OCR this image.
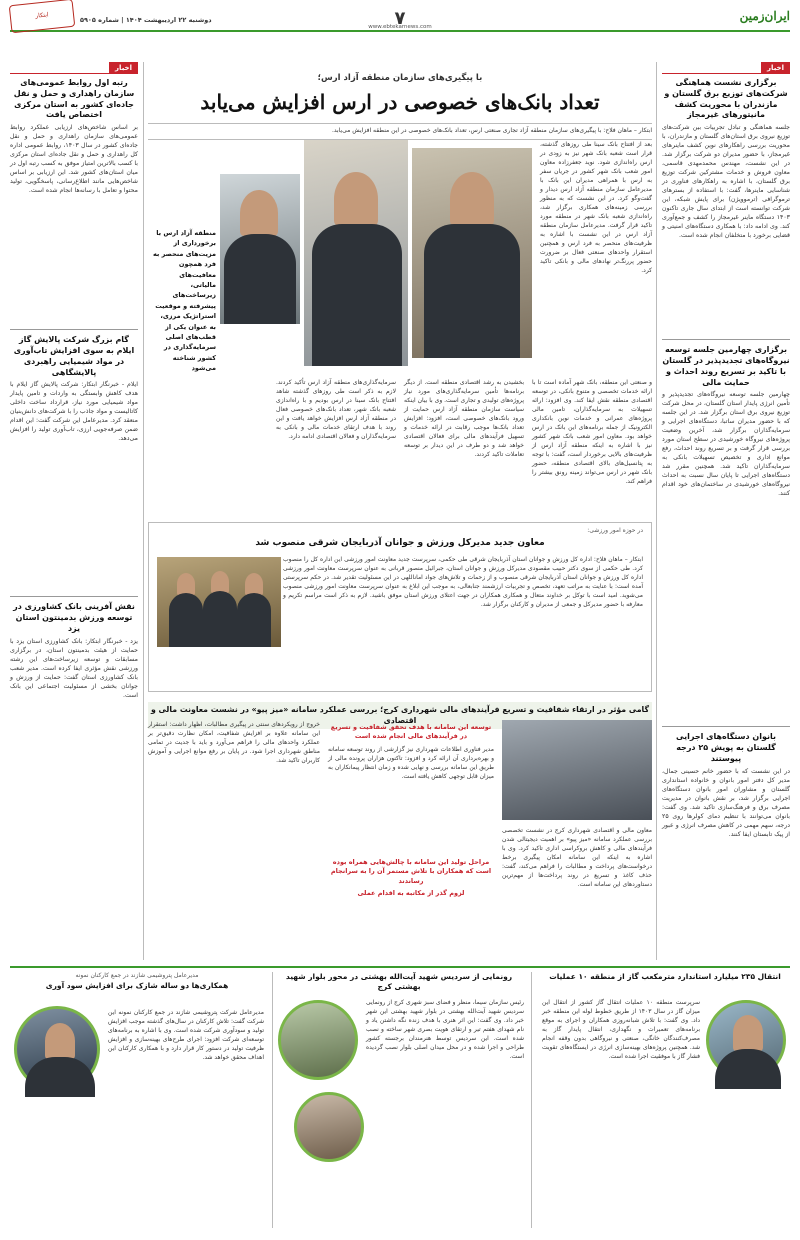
ایران‌زمین
۷
www.ebtekarnews.com
دوشنبه ۲۲ اردیبهشت ۱۴۰۴ | شماره ۵۹۰۵
ابتکار
اخبار
برگزاری نشست هماهنگی شرکت‌های توزیع برق گلستان و مازندران با محوریت کشف مانیتورهای غیرمجاز

جلسه هماهنگی و تبادل تجربیات بین شرکت‌های توزیع نیروی برق استان‌های گلستان و مازندران، با محوریت بررسی راهکارهای نوین کشف ماینرهای غیرمجاز، با حضور مدیران دو شرکت برگزار شد. در این نشست، مهندس محمدمهدی قاسمی، معاون فروش و خدمات مشترکین شرکت توزیع برق گلستان، با اشاره به راهکارهای فناوری در شناسایی ماینرها، گفت: با استفاده از بسترهای ترموگرافی (ترموویژن) برای پایش شبکه، این شرکت توانسته است از ابتدای سال جاری تاکنون ۱۴۰۳ دستگاه ماینر غیرمجاز را کشف و جمع‌آوری کند. وی ادامه داد: با همکاری دستگاه‌های امنیتی و قضایی برخورد با متخلفان انجام شده است.

برگزاری چهارمین جلسه توسعه نیروگاه‌های تجدیدپذیر در گلستان با تاکید بر تسریع روند احداث و حمایت مالی

چهارمین جلسه توسعه نیروگاه‌های تجدیدپذیر و تأمین انرژی پایدار استان گلستان، در محل شرکت توزیع نیروی برق استان برگزار شد. در این جلسه که با حضور مدیران ساتبا، دستگاه‌های اجرایی و سرمایه‌گذاران برگزار شد، آخرین وضعیت پروژه‌های نیروگاه خورشیدی در سطح استان مورد بررسی قرار گرفت و بر تسریع روند احداث، رفع موانع اداری و تخصیص تسهیلات بانکی به سرمایه‌گذاران تاکید شد. همچنین مقرر شد دستگاه‌های اجرایی تا پایان سال نسبت به احداث نیروگاه‌های خورشیدی در ساختمان‌های خود اقدام کنند.

بانوان دستگاه‌های اجرایی گلستان به پویش ۲۵ درجه پیوستند

در این نشست که با حضور خانم حسینی جمال، مدیر کل دفتر امور بانوان و خانواده استانداری گلستان و مشاوران امور بانوان دستگاه‌های اجرایی برگزار شد، بر نقش بانوان در مدیریت مصرف برق و فرهنگ‌سازی تاکید شد. وی گفت: بانوان می‌توانند با تنظیم دمای کولرها روی ۲۵ درجه، سهم مهمی در کاهش مصرف انرژی و عبور از پیک تابستان ایفا کنند.

اخبار
رتبه اول روابط عمومی‌های سازمان راهداری و حمل و نقل جاده‌ای کشور به استان مرکزی اختصاص یافت

بر اساس شاخص‌های ارزیابی عملکرد روابط عمومی‌های سازمان راهداری و حمل و نقل جاده‌ای کشور در سال ۱۴۰۳، روابط عمومی اداره کل راهداری و حمل و نقل جاده‌ای استان مرکزی با کسب بالاترین امتیاز موفق به کسب رتبه اول در میان استان‌های کشور شد. این ارزیابی بر اساس شاخص‌هایی مانند اطلاع‌رسانی، پاسخگویی، تولید محتوا و تعامل با رسانه‌ها انجام شده است.

گام بزرگ شرکت پالایش گاز ایلام به سوی افزایش تاب‌آوری در مواد شیمیایی راهبردی پالایشگاهی

ایلام - خبرنگار ابتکار: شرکت پالایش گاز ایلام با هدف کاهش وابستگی به واردات و تامین پایدار مواد شیمیایی مورد نیاز، قرارداد ساخت داخلی کاتالیست و مواد جاذب را با شرکت‌های دانش‌بنیان منعقد کرد. مدیرعامل این شرکت گفت: این اقدام ضمن صرفه‌جویی ارزی، تاب‌آوری تولید را افزایش می‌دهد.

نقش آفرینی بانک کشاورزی در توسعه ورزش بدمینتون استان یزد

یزد - خبرنگار ابتکار: بانک کشاورزی استان یزد با حمایت از هیئت بدمینتون استان، در برگزاری مسابقات و توسعه زیرساخت‌های این رشته ورزشی نقش مؤثری ایفا کرده است. مدیر شعب بانک کشاورزی استان گفت: حمایت از ورزش و جوانان بخشی از مسئولیت اجتماعی این بانک است.

با پیگیری‌های سازمان منطقه آزاد ارس؛
تعداد بانک‌های خصوصی در ارس افزایش می‌یابد
ابتکار – ماهان فلاح: با پیگیری‌های سازمان منطقه آزاد تجاری صنعتی ارس، تعداد بانک‌های خصوصی در این منطقه افزایش می‌یابد.
بعد از افتتاح بانک سینا طی روزهای گذشته، قرار است شعبه بانک شهر نیز به زودی در ارس راه‌اندازی شود. نوید جعفرزاده معاون امور شعب بانک شهر کشور در جریان سفر به ارس با همراهی مدیران این بانک با مدیرعامل سازمان منطقه آزاد ارس دیدار و گفت‌وگو کرد. در این نشست که به منظور بررسی زمینه‌های همکاری برگزار شد، راه‌اندازی شعبه بانک شهر در منطقه مورد تاکید قرار گرفت. مدیرعامل سازمان منطقه آزاد ارس در این نشست با اشاره به ظرفیت‌های منحصر به فرد ارس و همچنین استقرار واحدهای صنعتی فعال بر ضرورت حضور پررنگ‌تر نهادهای مالی و بانکی تاکید کرد.
منطقه آزاد ارس با برخورداری از مزیت‌های منحصر به فرد همچون معافیت‌های مالیاتی، زیرساخت‌های پیشرفته و موقعیت استراتژیک مرزی، به عنوان یکی از قطب‌های اصلی سرمایه‌گذاری در کشور شناخته می‌شود
و صنعتی این منطقه، بانک شهر آماده است تا با ارائه خدمات تخصصی و متنوع بانکی، در توسعه اقتصادی منطقه نقش ایفا کند. وی افزود: ارائه تسهیلات به سرمایه‌گذاران، تامین مالی پروژه‌های عمرانی و خدمات نوین بانکداری الکترونیک از جمله برنامه‌های این بانک در ارس خواهد بود. معاون امور شعب بانک شهر کشور نیز با اشاره به اینکه منطقه آزاد ارس از ظرفیت‌های بالایی برخوردار است، گفت: با توجه به پتانسیل‌های بالای اقتصادی منطقه، حضور بانک شهر در ارس می‌تواند زمینه رونق بیشتر را فراهم کند.
بخشیدن به رشد اقتصادی منطقه است. از دیگر برنامه‌ها تأمین سرمایه‌گذاری‌های مورد نیاز پروژه‌های تولیدی و تجاری است. وی با بیان اینکه سیاست سازمان منطقه آزاد ارس حمایت از ورود بانک‌های خصوصی است، افزود: افزایش تعداد بانک‌ها موجب رقابت در ارائه خدمات و تسهیل فرآیندهای مالی برای فعالان اقتصادی خواهد شد و دو طرف در این دیدار بر توسعه تعاملات تاکید کردند.
سرمایه‌گذاری‌های منطقه آزاد ارس تأکید کردند. لازم به ذکر است طی روزهای گذشته شاهد افتتاح بانک سینا در ارس بودیم و با راه‌اندازی شعبه بانک شهر، تعداد بانک‌های خصوصی فعال در منطقه آزاد ارس افزایش خواهد یافت و این روند با هدف ارتقای خدمات مالی و بانکی به سرمایه‌گذاران و فعالان اقتصادی ادامه دارد.
در حوزه امور ورزشی:
معاون جدید مدیرکل ورزش و جوانان آذربایجان شرقی منصوب شد
ابتکار – ماهان فلاح: اداره کل ورزش و جوانان استان آذربایجان شرقی طی حکمی، سرپرست جدید معاونت امور ورزشی این اداره کل را منصوب کرد. طی حکمی از سوی دکتر حبیب مقصودی مدیرکل ورزش و جوانان استان، جبرائیل منصور قربانی به عنوان سرپرست معاونت امور ورزشی اداره کل ورزش و جوانان استان آذربایجان شرقی منصوب و از زحمات و تلاش‌های جواد اماناللهی در این مسئولیت تقدیر شد. در حکم سرپرستی آمده است: با عنایت به مراتب تعهد، تخصص و تجربیات ارزشمند جنابعالی، به موجب این ابلاغ به عنوان سرپرست معاونت امور ورزشی منصوب می‌شوید. امید است با توکل بر خداوند متعال و همکاری همکاران در جهت اعتلای ورزش استان موفق باشید. لازم به ذکر است مراسم تکریم و معارفه با حضور مدیرکل و جمعی از مدیران و کارکنان برگزار شد.
گامی مؤثر در ارتقاء شفافیت و تسریع فرآیندهای مالی شهرداری کرج؛ بررسی عملکرد سامانه «میز پیو» در نشست معاونت مالی و اقتصادی
معاون مالی و اقتصادی شهرداری کرج در نشست تخصصی بررسی عملکرد سامانه «میز پیو» بر اهمیت دیجیتالی شدن فرآیندهای مالی و کاهش بروکراسی اداری تاکید کرد. وی با اشاره به اینکه این سامانه امکان پیگیری برخط درخواست‌های پرداخت و مطالبات را فراهم می‌کند، گفت: حذف کاغذ و تسریع در روند پرداخت‌ها از مهم‌ترین دستاوردهای این سامانه است.
توسعه این سامانه با هدف تحقق شفافیت و تسریع در فرآیندهای مالی انجام شده است
مدیر فناوری اطلاعات شهرداری نیز گزارشی از روند توسعه سامانه و بهره‌برداری آن ارائه کرد و افزود: تاکنون هزاران پرونده مالی از طریق این سامانه بررسی و نهایی شده و زمان انتظار پیمانکاران به میزان قابل توجهی کاهش یافته است.
مراحل تولید این سامانه با چالش‌هایی همراه بوده است که همکاران با تلاش مستمر آن را به سرانجام رساندند
لزوم گذر از مکاتبه به اقدام عملی
خروج از رویکردهای سنتی در پیگیری مطالبات، اظهار داشت: استقرار این سامانه علاوه بر افزایش شفافیت، امکان نظارت دقیق‌تر بر عملکرد واحدهای مالی را فراهم می‌آورد و باید با جدیت در تمامی مناطق شهرداری اجرا شود. در پایان بر رفع موانع اجرایی و آموزش کاربران تاکید شد.
انتقال ۲۳۵ میلیارد استاندارد مترمکعب گاز از منطقه ۱۰ عملیات
سرپرست منطقه ۱۰ عملیات انتقال گاز کشور از انتقال این میزان گاز در سال ۱۴۰۳ از طریق خطوط لوله این منطقه خبر داد. وی گفت: با تلاش شبانه‌روزی همکاران و اجرای به موقع برنامه‌های تعمیرات و نگهداری، انتقال پایدار گاز به مصرف‌کنندگان خانگی، صنعتی و نیروگاهی بدون وقفه انجام شد. همچنین پروژه‌های بهینه‌سازی انرژی در ایستگاه‌های تقویت فشار گاز با موفقیت اجرا شده است.
رونمایی از سردیس شهید آیت‌الله بهشتی در محور بلوار شهید بهشتی کرج
رئیس سازمان سیما، منظر و فضای سبز شهری کرج از رونمایی سردیس شهید آیت‌الله بهشتی در بلوار شهید بهشتی این شهر خبر داد. وی گفت: این اثر هنری با هدف زنده نگه داشتن یاد و نام شهدای هفتم تیر و ارتقای هویت بصری شهر ساخته و نصب شده است. این سردیس توسط هنرمندان برجسته کشور طراحی و اجرا شده و در محل میدان اصلی بلوار نصب گردیده است.
مدیرعامل پتروشیمی شازند در جمع کارکنان نمونه
همکاری‌ها دو ساله شازک برای افزایش سود آوری
مدیرعامل شرکت پتروشیمی شازند در جمع کارکنان نمونه این شرکت گفت: تلاش کارکنان در سال‌های گذشته موجب افزایش تولید و سودآوری شرکت شده است. وی با اشاره به برنامه‌های توسعه‌ای شرکت افزود: اجرای طرح‌های بهینه‌سازی و افزایش ظرفیت تولید در دستور کار قرار دارد و با همکاری کارکنان این اهداف محقق خواهد شد.
